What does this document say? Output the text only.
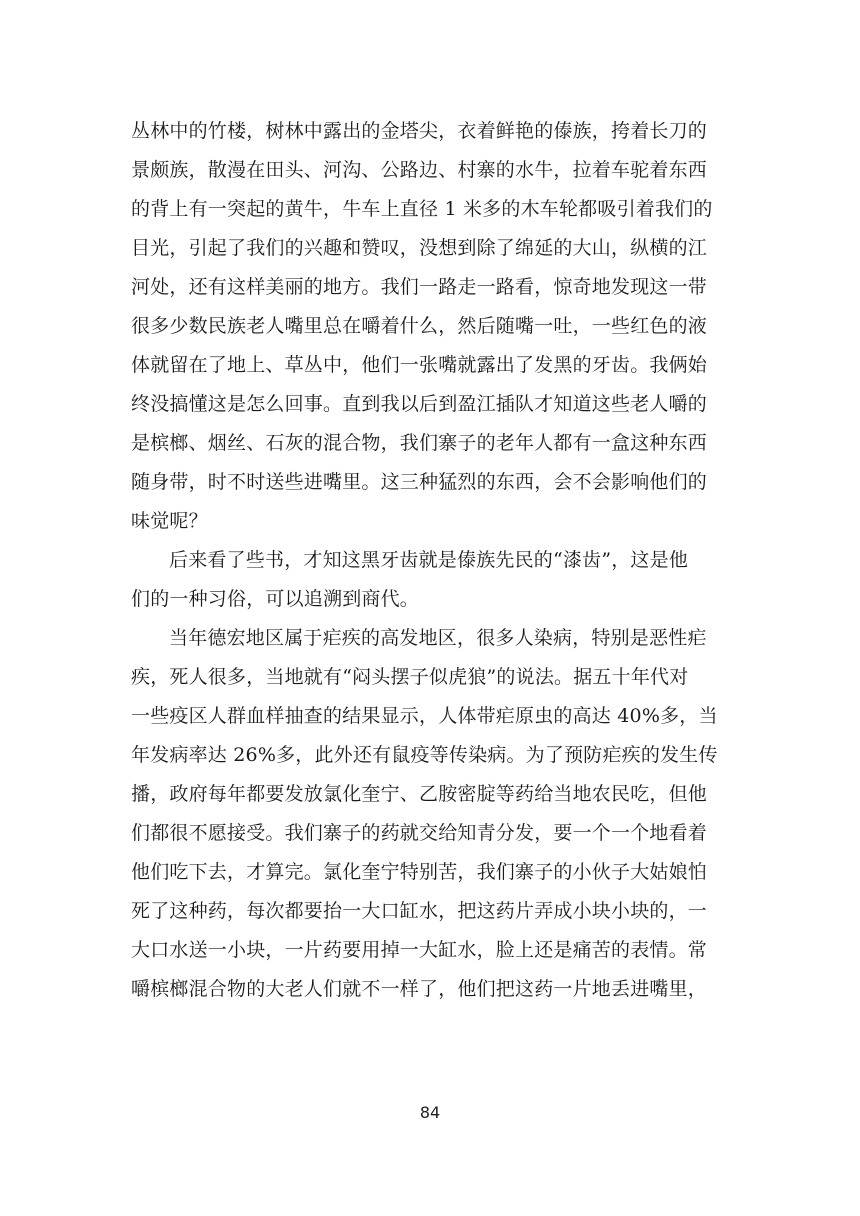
丛林中的竹楼，树林中露出的金塔尖，衣着鲜艳的傣族，挎着长刀的
景颇族，散漫在田头、河沟、公路边、村寨的水牛，拉着车驼着东西
的背上有一突起的黄牛，牛车上直径 1 米多的木车轮都吸引着我们的
目光，引起了我们的兴趣和赞叹，没想到除了绵延的大山，纵横的江
河处，还有这样美丽的地方。我们一路走一路看，惊奇地发现这一带
很多少数民族老人嘴里总在嚼着什么，然后随嘴一吐，一些红色的液
体就留在了地上、草丛中，他们一张嘴就露出了发黑的牙齿。我俩始
终没搞懂这是怎么回事。直到我以后到盈江插队才知道这些老人嚼的
是槟榔、烟丝、石灰的混合物，我们寨子的老年人都有一盒这种东西
随身带，时不时送些进嘴里。这三种猛烈的东西，会不会影响他们的
味觉呢？
后来看了些书，才知这黑牙齿就是傣族先民的“漆齿”，这是他
们的一种习俗，可以追溯到商代。
当年德宏地区属于疟疾的高发地区，很多人染病，特别是恶性疟
疾，死人很多，当地就有“闷头摆子似虎狼”的说法。据五十年代对
一些疫区人群血样抽查的结果显示，人体带疟原虫的高达 40%多，当
年发病率达 26%多，此外还有鼠疫等传染病。为了预防疟疾的发生传
播，政府每年都要发放氯化奎宁、乙胺密腚等药给当地农民吃，但他
们都很不愿接受。我们寨子的药就交给知青分发，要一个一个地看着
他们吃下去，才算完。氯化奎宁特别苦，我们寨子的小伙子大姑娘怕
死了这种药，每次都要抬一大口缸水，把这药片弄成小块小块的，一
大口水送一小块，一片药要用掉一大缸水，脸上还是痛苦的表情。常
嚼槟榔混合物的大老人们就不一样了，他们把这药一片地丢进嘴里，
84
